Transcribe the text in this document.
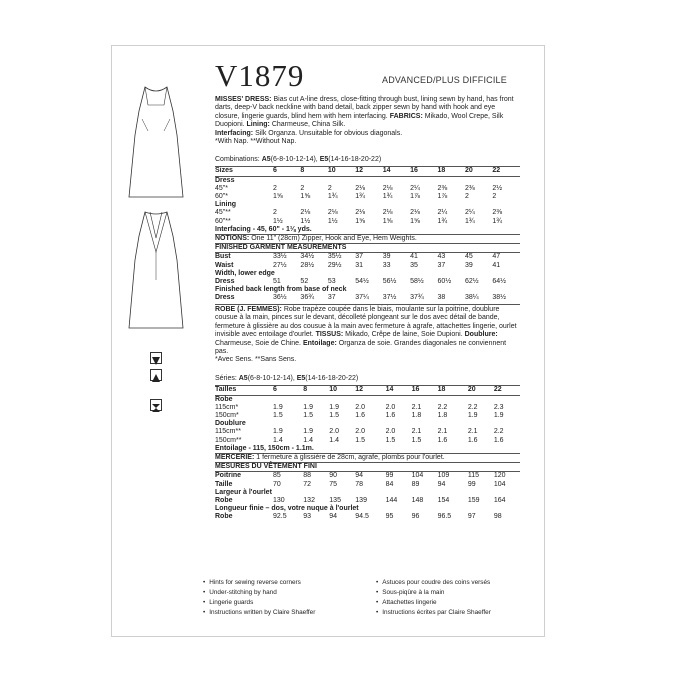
V1879	ADVANCED/PLUS DIFFICILE

MISSES' DRESS: Bias cut A-line dress, close-fitting through bust, lining sewn by hand, has front darts, deep-V back neckline with band detail, back zipper sewn by hand with hook and eye closure, lingerie guards, blind hem with hem interfacing. FABRICS: Mikado, Wool Crepe, Silk Duopioni. Lining: Charmeuse, China Silk.
Interfacing: Silk Organza. Unsuitable for obvious diagonals.
*With Nap. **Without Nap.

Combinations: A5(6-8-10-12-14), E5(14-16-18-20-22)
Sizes	6	8	10	12	14	16	18	20	22
Dress									
45"*	2	2	2	2⅛	2⅛	2¼	2⅜	2⅜	2½
60"*	1⅝	1⅝	1¾	1¾	1¾	1⅞	1⅞	2	2
Lining									
45"**	2	2⅛	2⅛	2⅛	2⅛	2⅛	2¼	2¼	2⅜
60"**	1½	1½	1½	1⅝	1⅝	1⅝	1¾	1¾	1¾
Interfacing - 45, 60" - 1⅛ yds.									
NOTIONS: One 11" (28cm) Zipper, Hook and Eye, Hem Weights.									
FINISHED GARMENT MEASUREMENTS									
Bust	33½	34½	35½	37	39	41	43	45	47
Waist	27½	28½	29½	31	33	35	37	39	41
Width, lower edge									
Dress	51	52	53	54½	56½	58½	60½	62½	64½
Finished back length from base of neck									
Dress	36½	36¾	37	37¼	37½	37¾	38	38¼	38½

ROBE (J. FEMMES): Robe trapèze coupée dans le biais, moulante sur la poitrine, doublure cousue à la main, pinces sur le devant, décolleté plongeant sur le dos avec détail de bande, fermeture à glissière au dos cousue à la main avec fermeture à agrafe, attachettes lingerie, ourlet invisible avec entoilage d'ourlet. TISSUS: Mikado, Crêpe de laine, Soie Dupioni. Doublure: Charmeuse, Soie de Chine. Entoilage: Organza de soie. Grandes diagonales ne conviennent pas.
*Avec Sens. **Sans Sens.

Séries: A5(6-8-10-12-14), E5(14-16-18-20-22)
Tailles	6	8	10	12	14	16	18	20	22
Robe									
115cm*	1.9	1.9	1.9	2.0	2.0	2.1	2.2	2.2	2.3
150cm*	1.5	1.5	1.5	1.6	1.6	1.8	1.8	1.9	1.9
Doublure									
115cm**	1.9	1.9	2.0	2.0	2.0	2.1	2.1	2.1	2.2
150cm**	1.4	1.4	1.4	1.5	1.5	1.5	1.6	1.6	1.6
Entoilage - 115, 150cm - 1.1m.									
MERCERIE: 1 fermeture à glissière de 28cm, agrafe, plombs pour l'ourlet.									
MESURES DU VÊTEMENT FINI									
Poitrine	85	88	90	94	99	104	109	115	120
Taille	70	72	75	78	84	89	94	99	104
Largeur à l'ourlet									
Robe	130	132	135	139	144	148	154	159	164
Longueur finie – dos, votre nuque à l'ourlet									
Robe	92.5	93	94	94.5	95	96	96.5	97	98
• Hints for sewing reverse corners
• Under-stitching by hand
• Lingerie guards
• Instructions written by Claire Shaeffer
• Astuces pour coudre des coins versés
• Sous-piqûre à la main
• Attachettes lingerie
• Instructions écrites par Claire Shaeffer
